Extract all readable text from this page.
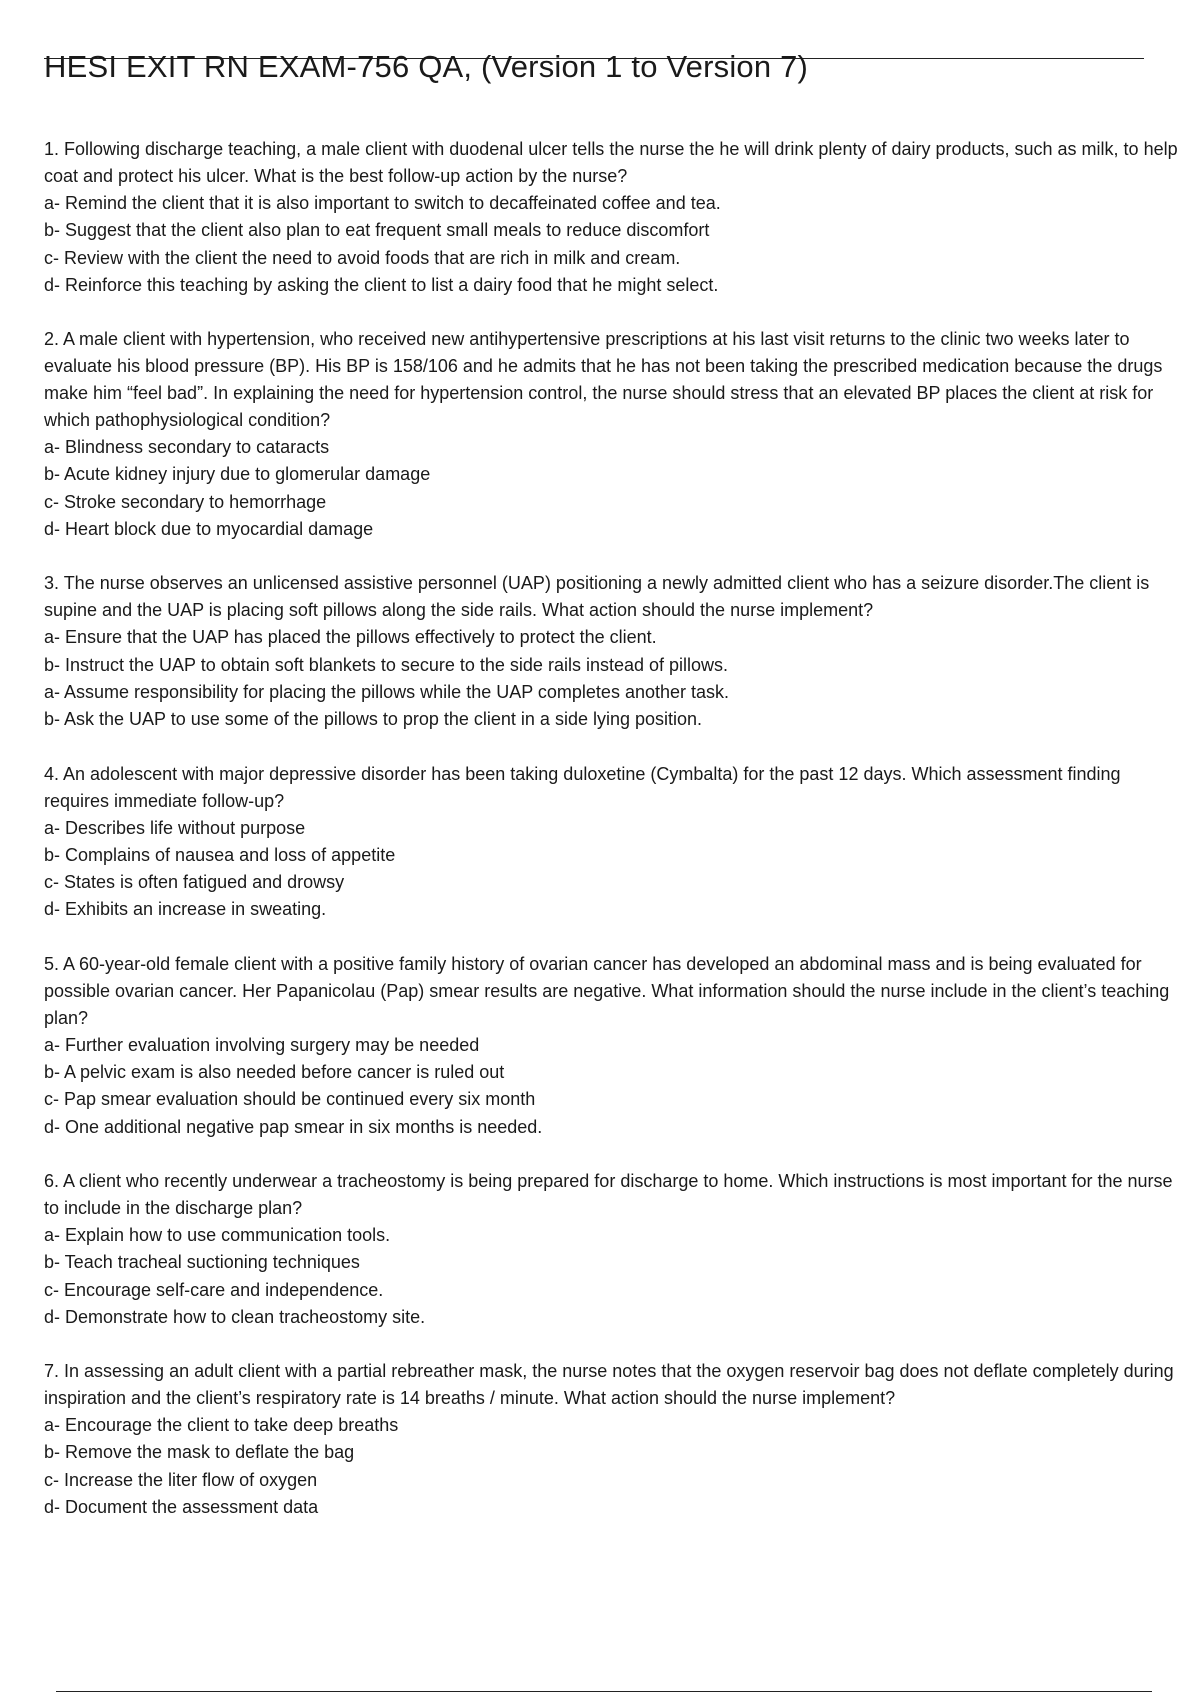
HESI EXIT RN EXAM-756 QA, (Version 1 to Version 7)

1. Following discharge teaching, a male client with duodenal ulcer tells the nurse the he will drink plenty of dairy products, such as milk, to help coat and protect his ulcer. What is the best follow-up action by the nurse?

a- Remind the client that it is also important to switch to decaffeinated coffee and tea.
b- Suggest that the client also plan to eat frequent small meals to reduce discomfort
c- Review with the client the need to avoid foods that are rich in milk and cream.
d- Reinforce this teaching by asking the client to list a dairy food that he might select.

2. A male client with hypertension, who received new antihypertensive prescriptions at his last visit returns to the clinic two weeks later to evaluate his blood pressure (BP). His BP is 158/106 and he admits that he has not been taking the prescribed medication because the drugs make him “feel bad”. In explaining the need for hypertension control, the nurse should stress that an elevated BP places the client at risk for which pathophysiological condition?

a- Blindness secondary to cataracts
b- Acute kidney injury due to glomerular damage
c- Stroke secondary to hemorrhage
d- Heart block due to myocardial damage

3. The nurse observes an unlicensed assistive personnel (UAP) positioning a newly admitted client who has a seizure disorder.The client is supine and the UAP is placing soft pillows along the side rails. What action should the nurse implement?

a- Ensure that the UAP has placed the pillows effectively to protect the client.
b- Instruct the UAP to obtain soft blankets to secure to the side rails instead of pillows.
a- Assume responsibility for placing the pillows while the UAP completes another task.
b- Ask the UAP to use some of the pillows to prop the client in a side lying position.

4. An adolescent with major depressive disorder has been taking duloxetine (Cymbalta) for the past 12 days. Which assessment finding requires immediate follow-up?

a- Describes life without purpose
b- Complains of nausea and loss of appetite
c- States is often fatigued and drowsy
d- Exhibits an increase in sweating.

5. A 60-year-old female client with a positive family history of ovarian cancer has developed an abdominal mass and is being evaluated for possible ovarian cancer. Her Papanicolau (Pap) smear results are negative. What information should the nurse include in the client’s teaching plan?

a- Further evaluation involving surgery may be needed
b- A pelvic exam is also needed before cancer is ruled out
c- Pap smear evaluation should be continued every six month
d- One additional negative pap smear in six months is needed.

6. A client who recently underwear a tracheostomy is being prepared for discharge to home. Which instructions is most important for the nurse to include in the discharge plan?

a- Explain how to use communication tools.
b- Teach tracheal suctioning techniques
c- Encourage self-care and independence.
d- Demonstrate how to clean tracheostomy site.

7. In assessing an adult client with a partial rebreather mask, the nurse notes that the oxygen reservoir bag does not deflate completely during inspiration and the client’s respiratory rate is 14 breaths / minute. What action should the nurse implement?

a- Encourage the client to take deep breaths
b- Remove the mask to deflate the bag
c- Increase the liter flow of oxygen
d- Document the assessment data
